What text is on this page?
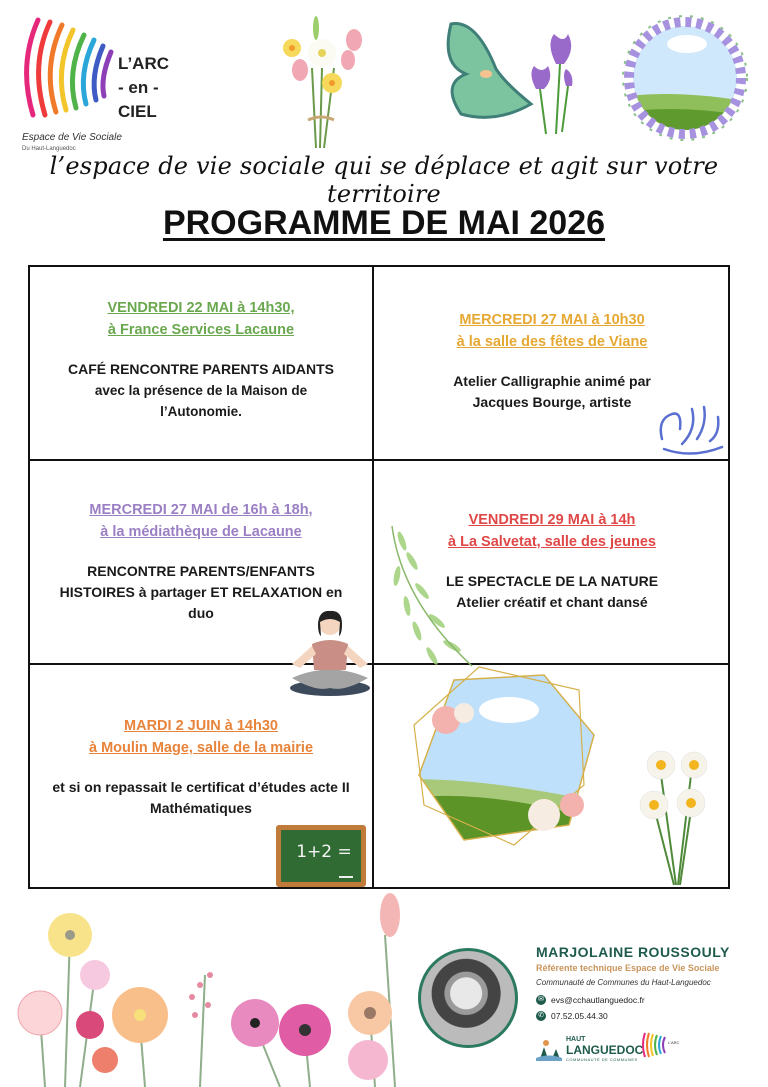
L’ARC
- en -
CIEL
Espace de Vie Sociale
Du Haut-Languedoc
l’espace de vie sociale qui se déplace et agit sur votre territoire
PROGRAMME DE MAI 2026
VENDREDI 22 MAI à 14h30,
à France Services Lacaune
CAFÉ RENCONTRE PARENTS AIDANTS
avec la présence de la Maison de
l’Autonomie.
MERCREDI 27 MAI à 10h30
à la salle des fêtes de Viane
Atelier Calligraphie animé par
Jacques Bourge, artiste
MERCREDI 27 MAI de 16h à 18h,
à la médiathèque de Lacaune
RENCONTRE PARENTS/ENFANTS
HISTOIRES à partager ET RELAXATION en
duo
VENDREDI 29 MAI à 14h
à La Salvetat, salle des jeunes
LE SPECTACLE DE LA NATURE
Atelier créatif et chant dansé
MARDI 2 JUIN à 14h30
à Moulin Mage, salle de la mairie
et si on repassait le certificat d’études acte II
Mathématiques
1+2 =
MARJOLAINE ROUSSOULY
Référente technique Espace de Vie Sociale
Communauté de Communes du Haut-Languedoc
✉ evs@cchautlanguedoc.fr
✆ 07.52.05.44.30
HAUT
LANGUEDOC
COMMUNAUTÉ DE COMMUNES
L'ARC
